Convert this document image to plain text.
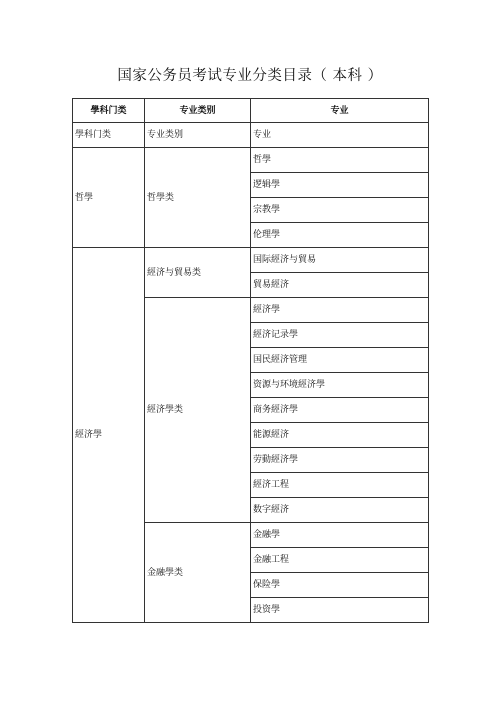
国家公务员考试专业分类目录（ 本科 ）
學科门类	专业类别	专业
學科门类	专业类别	专业
哲學	哲學类	哲學
		逻辑學
		宗教學
		伦理學
經济學	經济与貿易类	国际經济与貿易
		貿易經济
	經济學类	經济學
		經济记录學
		国民經济管理
		资源与环境經济學
		商务經济學
		能源經济
		劳動經济學
		經济工程
		数字經济
	金融學类	金融學
		金融工程
		保险學
		投资學
